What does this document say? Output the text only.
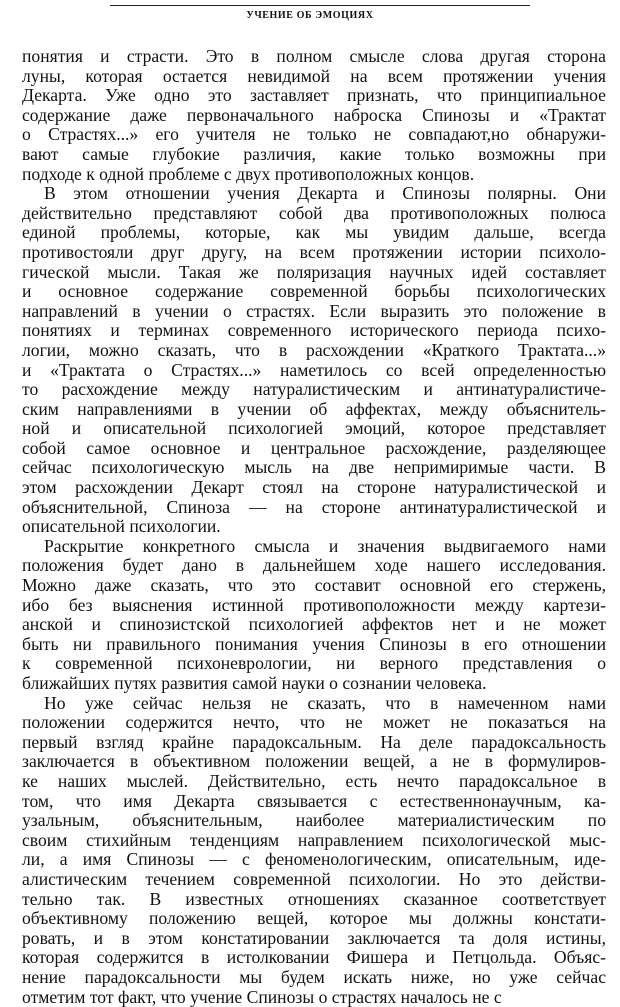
УЧЕНИЕ ОБ ЭМОЦИЯХ

понятия и страсти. Это в полном смысле слова другая сторона
луны, которая остается невидимой на всем протяжении учения
Декарта. Уже одно это заставляет признать, что принципиальное
содержание даже первоначального наброска Спинозы и «Трактат
о Страстях...» его учителя не только не совпадают,но обнаружи-
вают самые глубокие различия, какие только возможны при
подходе к одной проблеме с двух противоположных концов.

В этом отношении учения Декарта и Спинозы полярны. Они
действительно представляют собой два противоположных полюса
единой проблемы, которые, как мы увидим дальше, всегда
противостояли друг другу, на всем протяжении истории психоло-
гической мысли. Такая же поляризация научных идей составляет
и основное содержание современной борьбы психологических
направлений в учении о страстях. Если выразить это положение в
понятиях и терминах современного исторического периода психо-
логии, можно сказать, что в расхождении «Краткого Трактата...»
и «Трактата о Страстях...» наметилось со всей определенностью
то расхождение между натуралистическим и антинатуралистиче-
ским направлениями в учении об аффектах, между объяснитель-
ной и описательной психологией эмоций, которое представляет
собой самое основное и центральное расхождение, разделяющее
сейчас психологическую мысль на две непримиримые части. В
этом расхождении Декарт стоял на стороне натуралистической и
объяснительной, Спиноза — на стороне антинатуралистической и
описательной психологии.

Раскрытие конкретного смысла и значения выдвигаемого нами
положения будет дано в дальнейшем ходе нашего исследования.
Можно даже сказать, что это составит основной его стержень,
ибо без выяснения истинной противоположности между картези-
анской и спинозистской психологией аффектов нет и не может
быть ни правильного понимания учения Спинозы в его отношении
к современной психоневрологии, ни верного представления о
ближайших путях развития самой науки о сознании человека.

Но уже сейчас нельзя не сказать, что в намеченном нами
положении содержится нечто, что не может не показаться на
первый взгляд крайне парадоксальным. На деле парадоксальность
заключается в объективном положении вещей, а не в формулиров-
ке наших мыслей. Действительно, есть нечто парадоксальное в
том, что имя Декарта связывается с естественнонаучным, ка-
узальным, объяснительным, наиболее материалистическим по
своим стихийным тенденциям направлением психологической мыс-
ли, а имя Спинозы — с феноменологическим, описательным, иде-
алистическим течением современной психологии. Но это действи-
тельно так. В известных отношениях сказанное соответствует
объективному положению вещей, которое мы должны констати-
ровать, и в этом констатировании заключается та доля истины,
которая содержится в истолковании Фишера и Петцольда. Объяс-
нение парадоксальности мы будем искать ниже, но уже сейчас
отметим тот факт, что учение Спинозы о страстях началось не с
